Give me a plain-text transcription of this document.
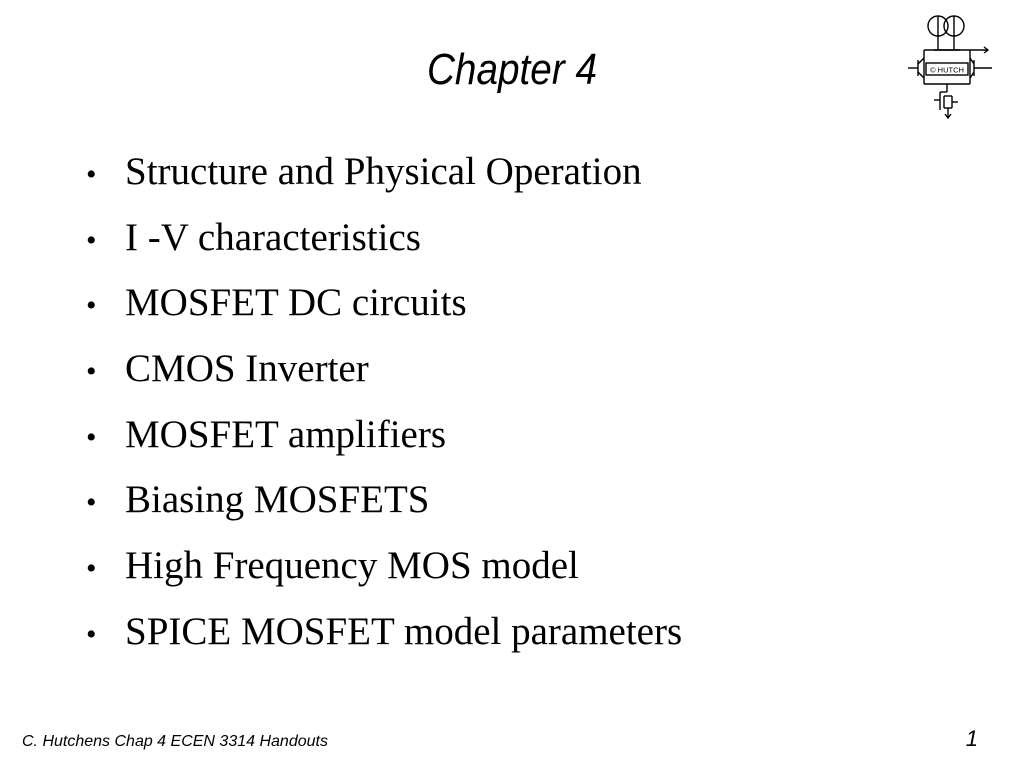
Chapter 4	© HUTCH
• Structure and Physical Operation
• I -V characteristics
• MOSFET DC circuits
• CMOS Inverter
• MOSFET amplifiers
• Biasing MOSFETS
• High Frequency MOS model
• SPICE MOSFET model parameters
C. Hutchens Chap 4 ECEN 3314 Handouts	1
